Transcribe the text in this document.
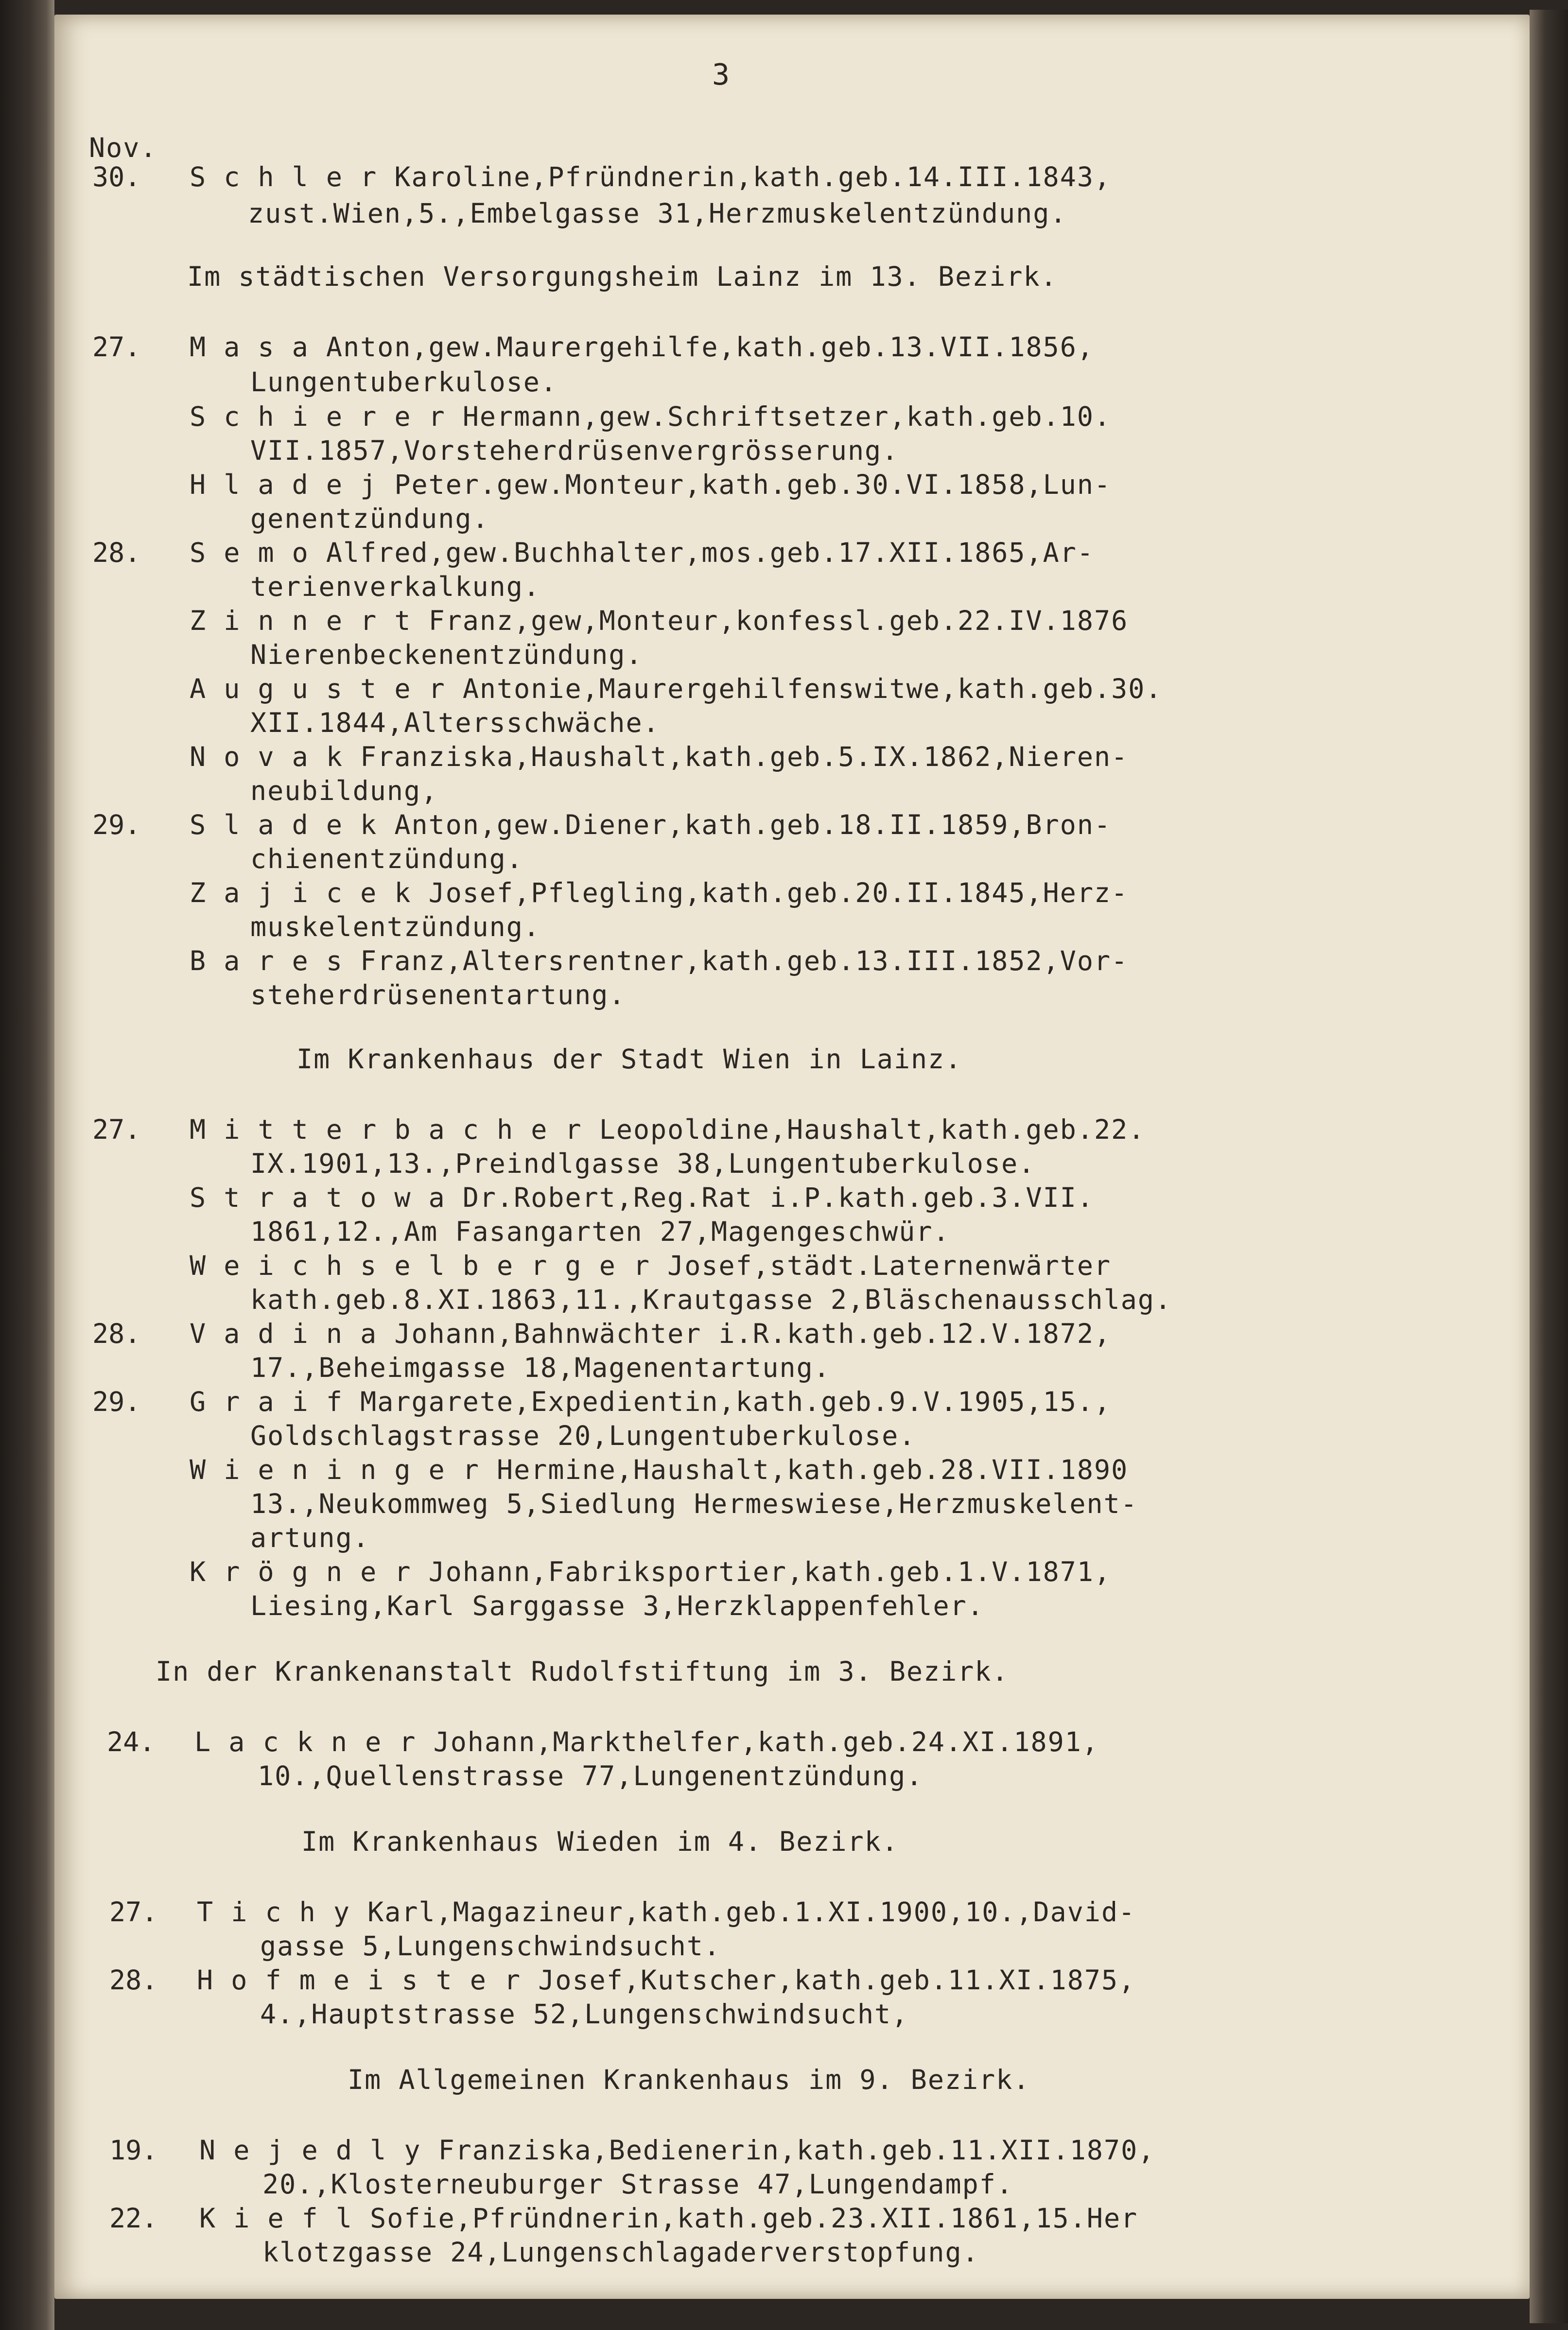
3
Nov.
30. S c h l e r Karoline,Pfründnerin,kath.geb.14.III.1843,
zust.Wien,5.,Embelgasse 31,Herzmuskelentzündung.
Im städtischen Versorgungsheim Lainz im 13. Bezirk.
27. M a s a Anton,gew.Maurergehilfe,kath.geb.13.VII.1856,
Lungentuberkulose.
S c h i e r e r Hermann,gew.Schriftsetzer,kath.geb.10.
VII.1857,Vorsteherdrüsenvergrösserung.
H l a d e j Peter.gew.Monteur,kath.geb.30.VI.1858,Lun-
genentzündung.
28. S e m o Alfred,gew.Buchhalter,mos.geb.17.XII.1865,Ar-
terienverkalkung.
Z i n n e r t Franz,gew,Monteur,konfessl.geb.22.IV.1876
Nierenbeckenentzündung.
A u g u s t e r Antonie,Maurergehilfenswitwe,kath.geb.30.
XII.1844,Altersschwäche.
N o v a k Franziska,Haushalt,kath.geb.5.IX.1862,Nieren-
neubildung,
29. S l a d e k Anton,gew.Diener,kath.geb.18.II.1859,Bron-
chienentzündung.
Z a j i c e k Josef,Pflegling,kath.geb.20.II.1845,Herz-
muskelentzündung.
B a r e s Franz,Altersrentner,kath.geb.13.III.1852,Vor-
steherdrüsenentartung.
Im Krankenhaus der Stadt Wien in Lainz.
27. M i t t e r b a c h e r Leopoldine,Haushalt,kath.geb.22.
IX.1901,13.,Preindlgasse 38,Lungentuberkulose.
S t r a t o w a Dr.Robert,Reg.Rat i.P.kath.geb.3.VII.
1861,12.,Am Fasangarten 27,Magengeschwür.
W e i c h s e l b e r g e r Josef,städt.Laternenwärter
kath.geb.8.XI.1863,11.,Krautgasse 2,Bläschenausschlag.
28. V a d i n a Johann,Bahnwächter i.R.kath.geb.12.V.1872,
17.,Beheimgasse 18,Magenentartung.
29. G r a i f Margarete,Expedientin,kath.geb.9.V.1905,15.,
Goldschlagstrasse 20,Lungentuberkulose.
W i e n i n g e r Hermine,Haushalt,kath.geb.28.VII.1890
13.,Neukommweg 5,Siedlung Hermeswiese,Herzmuskelent-
artung.
K r ö g n e r Johann,Fabriksportier,kath.geb.1.V.1871,
Liesing,Karl Sarggasse 3,Herzklappenfehler.
In der Krankenanstalt Rudolfstiftung im 3. Bezirk.
24. L a c k n e r Johann,Markthelfer,kath.geb.24.XI.1891,
10.,Quellenstrasse 77,Lungenentzündung.
Im Krankenhaus Wieden im 4. Bezirk.
27. T i c h y Karl,Magazineur,kath.geb.1.XI.1900,10.,David-
gasse 5,Lungenschwindsucht.
28. H o f m e i s t e r Josef,Kutscher,kath.geb.11.XI.1875,
4.,Hauptstrasse 52,Lungenschwindsucht,
Im Allgemeinen Krankenhaus im 9. Bezirk.
19. N e j e d l y Franziska,Bedienerin,kath.geb.11.XII.1870,
20.,Klosterneuburger Strasse 47,Lungendampf.
22. K i e f l Sofie,Pfründnerin,kath.geb.23.XII.1861,15.Her
klotzgasse 24,Lungenschlagaderverstopfung.
